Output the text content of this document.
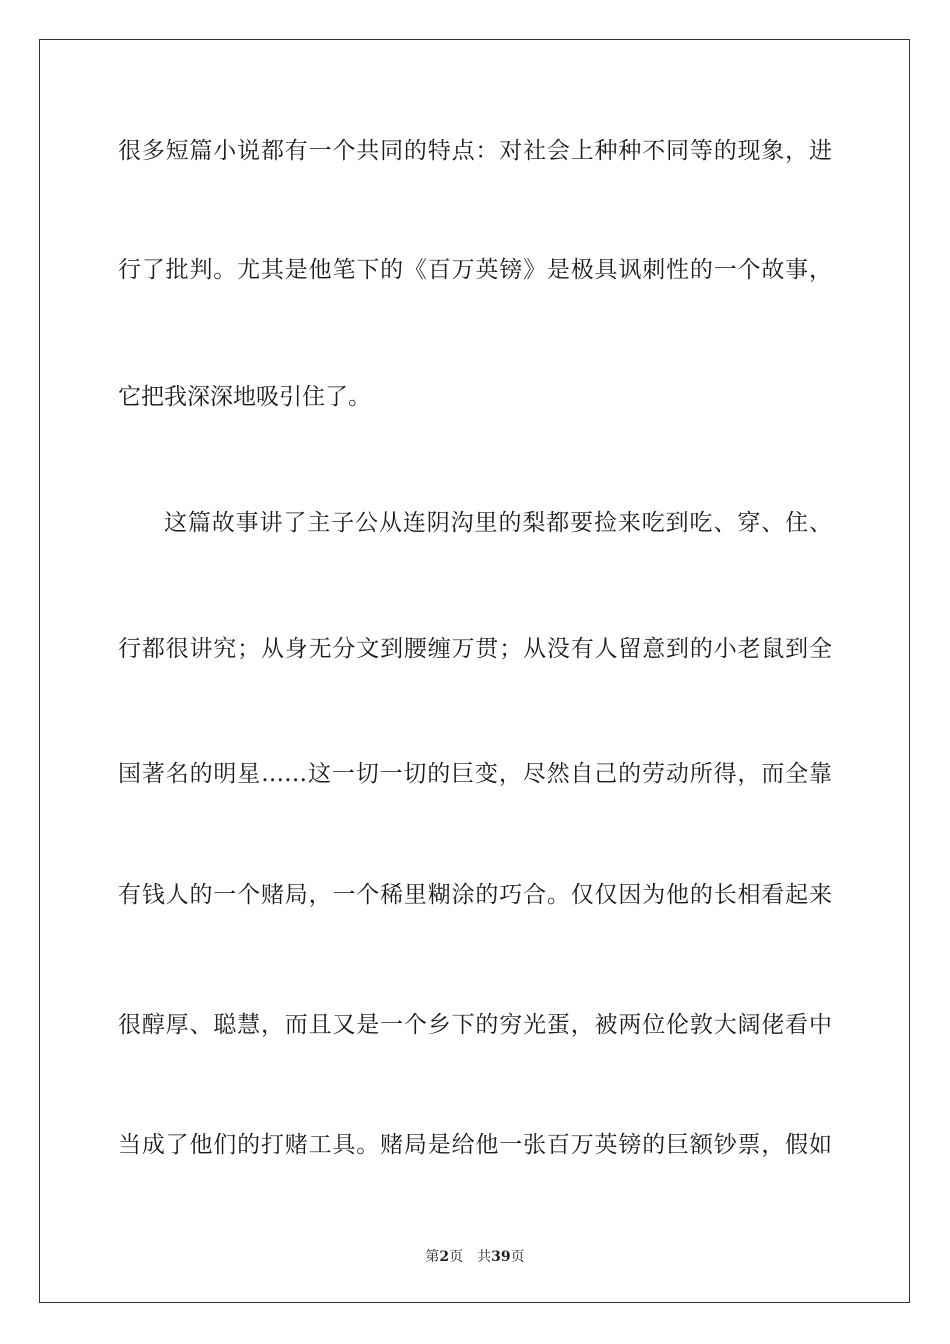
很多短篇小说都有一个共同的特点：对社会上种种不同等的现象，进
行了批判。尤其是他笔下的《百万英镑》是极具讽刺性的一个故事，
它把我深深地吸引住了。
这篇故事讲了主子公从连阴沟里的梨都要捡来吃到吃、穿、住、
行都很讲究；从身无分文到腰缠万贯；从没有人留意到的小老鼠到全
国著名的明星……这一切一切的巨变，尽然自己的劳动所得，而全靠
有钱人的一个赌局，一个稀里糊涂的巧合。仅仅因为他的长相看起来
很醇厚、聪慧，而且又是一个乡下的穷光蛋，被两位伦敦大阔佬看中
当成了他们的打赌工具。赌局是给他一张百万英镑的巨额钞票，假如
第2页 共39页
